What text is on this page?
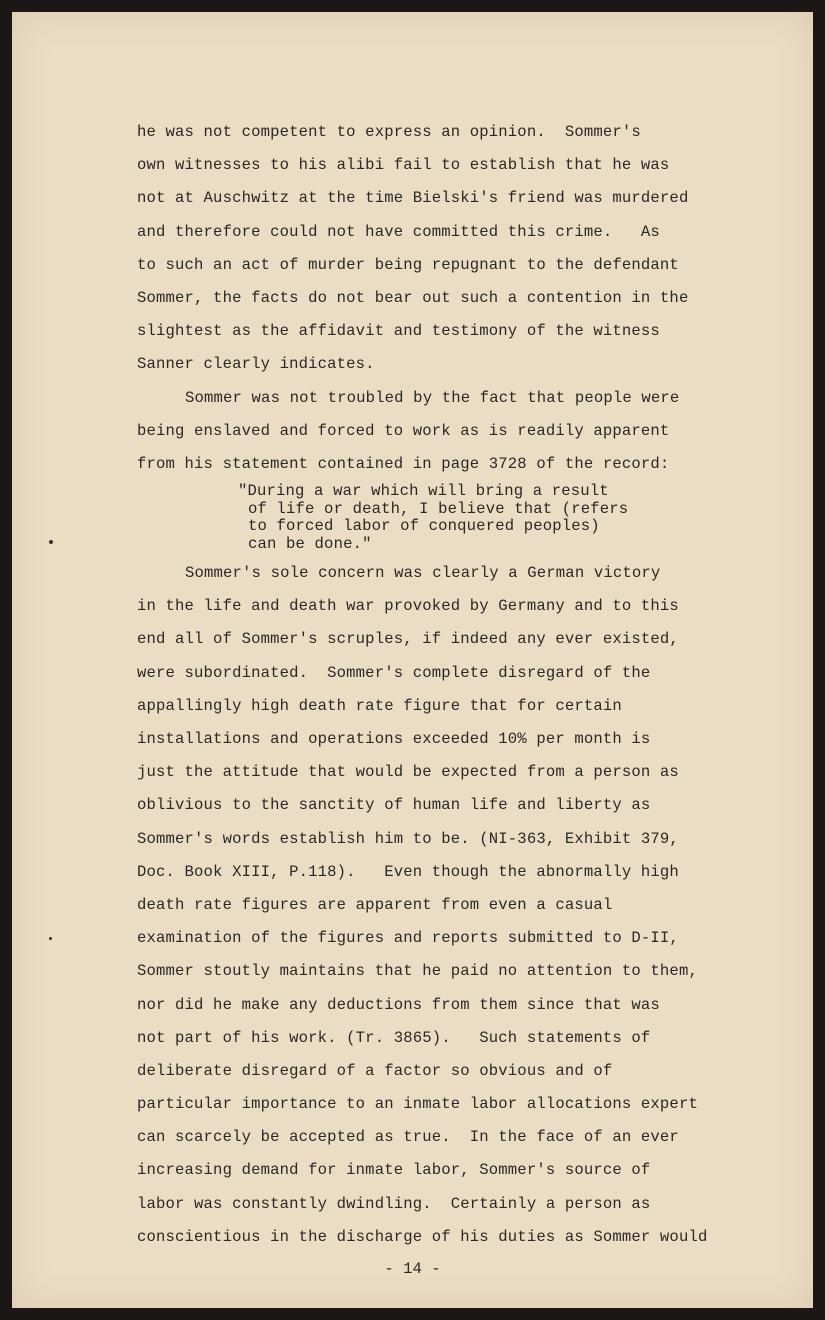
he was not competent to express an opinion.  Sommer's
own witnesses to his alibi fail to establish that he was
not at Auschwitz at the time Bielski's friend was murdered
and therefore could not have committed this crime.   As
to such an act of murder being repugnant to the defendant
Sommer, the facts do not bear out such a contention in the
slightest as the affidavit and testimony of the witness
Sanner clearly indicates.
Sommer was not troubled by the fact that people were
being enslaved and forced to work as is readily apparent
from his statement contained in page 3728 of the record:
"During a war which will bring a result
of life or death, I believe that (refers
to forced labor of conquered peoples)
can be done."
Sommer's sole concern was clearly a German victory
in the life and death war provoked by Germany and to this
end all of Sommer's scruples, if indeed any ever existed,
were subordinated.  Sommer's complete disregard of the
appallingly high death rate figure that for certain
installations and operations exceeded 10% per month is
just the attitude that would be expected from a person as
oblivious to the sanctity of human life and liberty as
Sommer's words establish him to be. (NI-363, Exhibit 379,
Doc. Book XIII, P.118).   Even though the abnormally high
death rate figures are apparent from even a casual
examination of the figures and reports submitted to D-II,
Sommer stoutly maintains that he paid no attention to them,
nor did he make any deductions from them since that was
not part of his work. (Tr. 3865).   Such statements of
deliberate disregard of a factor so obvious and of
particular importance to an inmate labor allocations expert
can scarcely be accepted as true.  In the face of an ever
increasing demand for inmate labor, Sommer's source of
labor was constantly dwindling.  Certainly a person as
conscientious in the discharge of his duties as Sommer would
- 14 -
